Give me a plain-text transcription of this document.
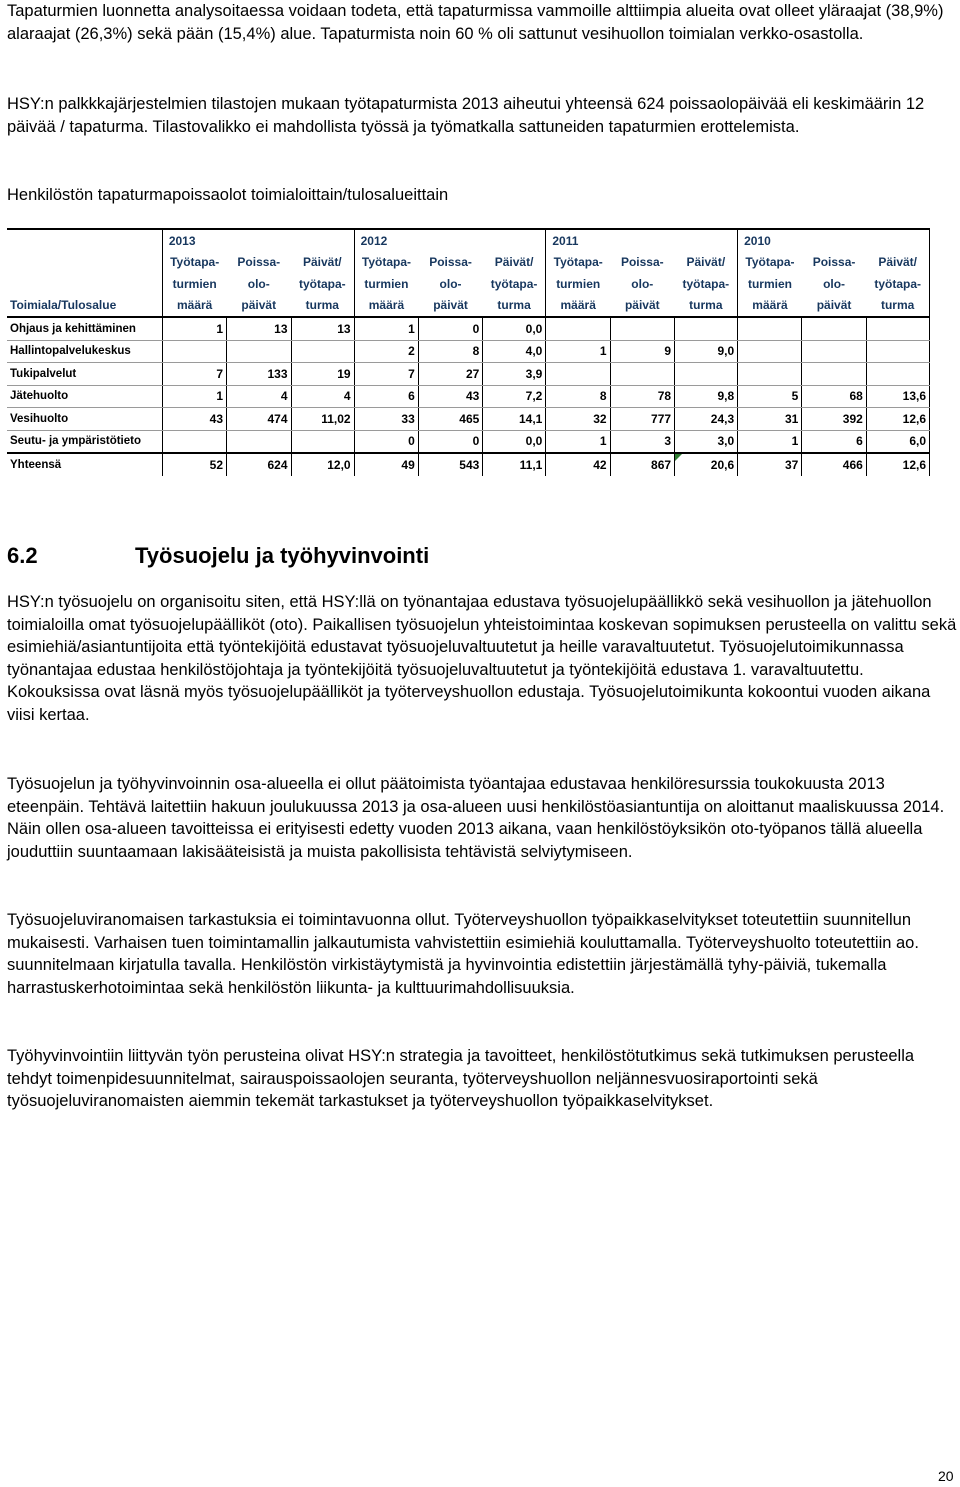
Tapaturmien luonnetta analysoitaessa voidaan todeta, että tapaturmissa vammoille alttiimpia alueita ovat olleet yläraajat (38,9%) alaraajat (26,3%) sekä pään (15,4%) alue. Tapaturmista noin 60 % oli sattunut vesihuollon toimialan verkko-osastolla.

HSY:n palkkkajärjestelmien tilastojen mukaan työtapaturmista 2013 aiheutui yhteensä 624 poissaolopäivää eli keskimäärin 12 päivää / tapaturma. Tilastovalikko ei mahdollista työssä ja työmatkalla sattuneiden tapaturmien erottelemista.

Henkilöstön tapaturmapoissaolot toimialoittain/tulosalueittain

	2013			2012			2011			2010		
	Työtapa-	Poissa-	Päivät/	Työtapa-	Poissa-	Päivät/	Työtapa-	Poissa-	Päivät/	Työtapa-	Poissa-	Päivät/
	turmien	olo-	työtapa-	turmien	olo-	työtapa-	turmien	olo-	työtapa-	turmien	olo-	työtapa-
Toimiala/Tulosalue	määrä	päivät	turma	määrä	päivät	turma	määrä	päivät	turma	määrä	päivät	turma
Ohjaus ja kehittäminen	1	13	13	1	0	0,0						
Hallintopalvelukeskus				2	8	4,0	1	9	9,0			
Tukipalvelut	7	133	19	7	27	3,9						
Jätehuolto	1	4	4	6	43	7,2	8	78	9,8	5	68	13,6
Vesihuolto	43	474	11,02	33	465	14,1	32	777	24,3	31	392	12,6
Seutu- ja ympäristötieto				0	0	0,0	1	3	3,0	1	6	6,0
Yhteensä	52	624	12,0	49	543	11,1	42	867	20,6	37	466	12,6
6.2	Työsuojelu ja työhyvinvointi

HSY:n työsuojelu on organisoitu siten, että HSY:llä on työnantajaa edustava työsuojelupäällikkö sekä vesihuollon ja jätehuollon toimialoilla omat työsuojelupäälliköt (oto). Paikallisen työsuojelun yhteistoimintaa koskevan sopimuksen perusteella on valittu sekä esimiehiä/asiantuntijoita että työntekijöitä edustavat työsuojeluvaltuutetut ja heille varavaltuutetut. Työsuojelutoimikunnassa työnantajaa edustaa henkilöstöjohtaja ja työntekijöitä työsuojeluvaltuutetut ja työntekijöitä edustava 1. varavaltuutettu. Kokouksissa ovat läsnä myös työsuojelupäälliköt ja työterveyshuollon edustaja. Työsuojelutoimikunta kokoontui vuoden aikana viisi kertaa.

Työsuojelun ja työhyvinvoinnin osa-alueella ei ollut päätoimista työantajaa edustavaa henkilöresurssia toukokuusta 2013 eteenpäin. Tehtävä laitettiin hakuun joulukuussa 2013 ja osa-alueen uusi henkilöstöasiantuntija on aloittanut maaliskuussa 2014. Näin ollen osa-alueen tavoitteissa ei erityisesti edetty vuoden 2013 aikana, vaan henkilöstöyksikön oto-työpanos tällä alueella jouduttiin suuntaamaan lakisääteisistä ja muista pakollisista tehtävistä selviytymiseen.

Työsuojeluviranomaisen tarkastuksia ei toimintavuonna ollut. Työterveyshuollon työpaikkaselvitykset toteutettiin suunnitellun mukaisesti. Varhaisen tuen toimintamallin jalkautumista vahvistettiin esimiehiä kouluttamalla. Työterveyshuolto toteutettiin ao. suunnitelmaan kirjatulla tavalla. Henkilöstön virkistäytymistä ja hyvinvointia edistettiin järjestämällä tyhy-päiviä, tukemalla harrastuskerhotoimintaa sekä henkilöstön liikunta- ja kulttuurimahdollisuuksia.

Työhyvinvointiin liittyvän työn perusteina olivat HSY:n strategia ja tavoitteet, henkilöstötutkimus sekä tutkimuksen perusteella tehdyt toimenpidesuunnitelmat, sairauspoissaolojen seuranta, työterveyshuollon neljännesvuosiraportointi sekä työsuojeluviranomaisten aiemmin tekemät tarkastukset ja työterveyshuollon työpaikkaselvitykset.

20
